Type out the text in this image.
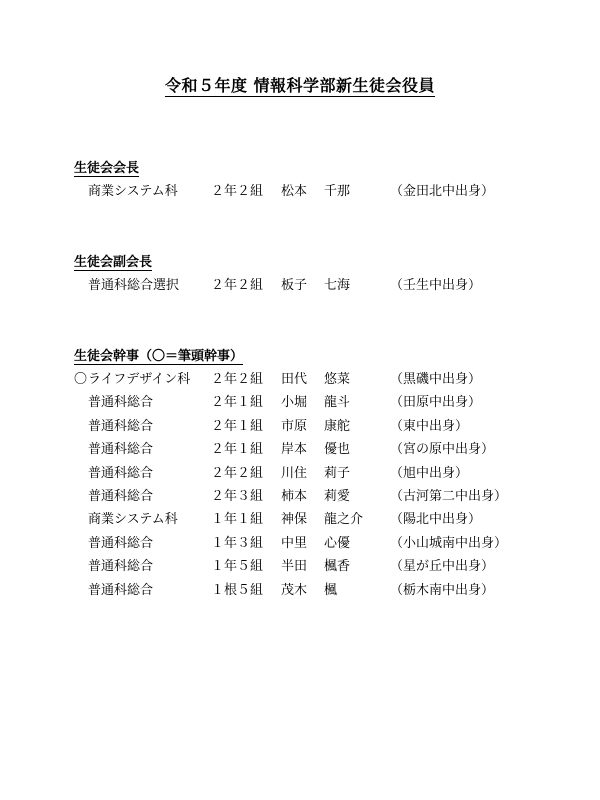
令和５年度 情報科学部新生徒会役員
生徒会会長
商業システム科	２年２組 松本 千那	（金田北中出身）
生徒会副会長
普通科総合選択 ２年２組 板子 七海	（壬生中出身）
生徒会幹事（〇＝筆頭幹事）
〇 ライフデザイン科 ２年２組 田代 悠菜	（黒磯中出身）
普通科総合	２年１組 小堀 龍斗	（田原中出身）
普通科総合	２年１組 市原 康舵	（東中出身）
普通科総合	２年１組 岸本 優也	（宮の原中出身）
普通科総合	２年２組 川住 莉子	（旭中出身）
普通科総合	２年３組 柿本 莉愛	（古河第二中出身）
商業システム科	１年１組 神保 龍之介 （陽北中出身）
普通科総合	１年３組 中里 心優	（小山城南中出身）
普通科総合	１年５組 半田 楓香	（星が丘中出身）
普通科総合	１根５組 茂木 楓	（栃木南中出身）
